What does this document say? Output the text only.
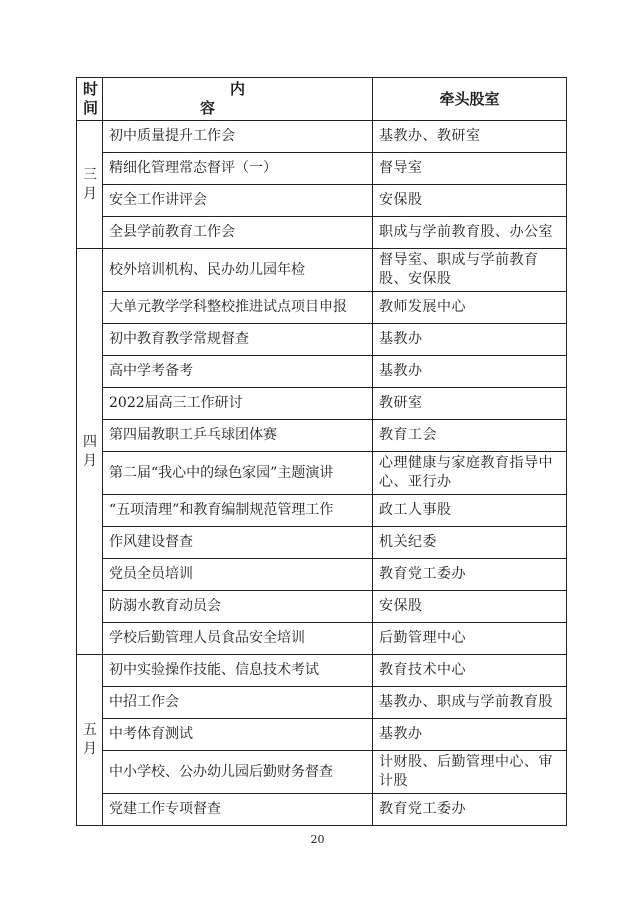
时间	内　　容	牵头股室
三月	初中质量提升工作会	基教办、教研室
	精细化管理常态督评（一）	督导室
	安全工作讲评会	安保股
	全县学前教育工作会	职成与学前教育股、办公室
四月	校外培训机构、民办幼儿园年检	督导室、职成与学前教育股、安保股
	大单元教学学科整校推进试点项目申报	教师发展中心
	初中教育教学常规督查	基教办
	高中学考备考	基教办
	2022届高三工作研讨	教研室
	第四届教职工乒乓球团体赛	教育工会
	第二届“我心中的绿色家园”主题演讲	心理健康与家庭教育指导中心、亚行办
	“五项清理”和教育编制规范管理工作	政工人事股
	作风建设督查	机关纪委
	党员全员培训	教育党工委办
	防溺水教育动员会	安保股
	学校后勤管理人员食品安全培训	后勤管理中心
五月	初中实验操作技能、信息技术考试	教育技术中心
	中招工作会	基教办、职成与学前教育股
	中考体育测试	基教办
	中小学校、公办幼儿园后勤财务督查	计财股、后勤管理中心、审计股
	党建工作专项督查	教育党工委办
20
